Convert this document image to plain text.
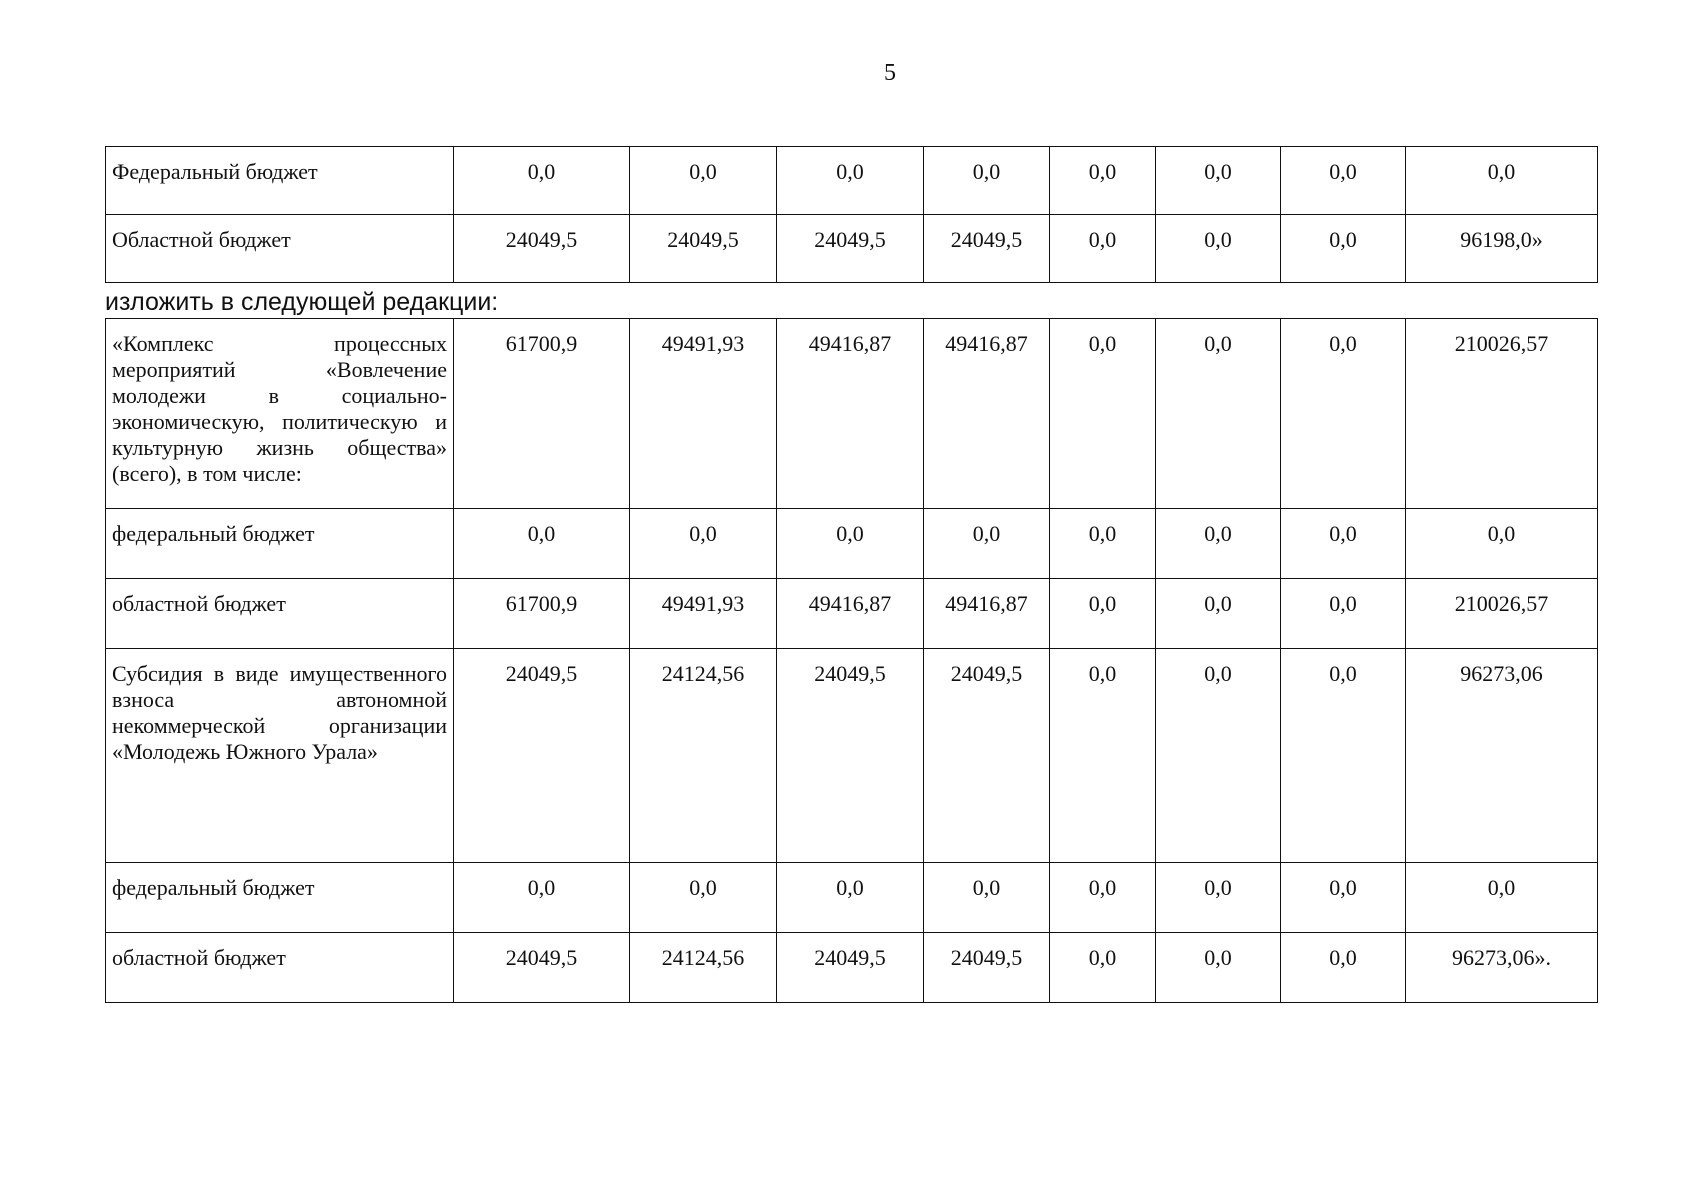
5
Федеральный бюджет	0,0	0,0	0,0	0,0	0,0	0,0	0,0	0,0
Областной бюджет	24049,5	24049,5	24049,5	24049,5	0,0	0,0	0,0	96198,0»
изложить в следующей редакции:
«Комплекс процессных мероприятий «Вовлечение молодежи в социально-экономическую, политическую и культурную жизнь общества» (всего), в том числе:	61700,9	49491,93	49416,87	49416,87	0,0	0,0	0,0	210026,57
федеральный бюджет	0,0	0,0	0,0	0,0	0,0	0,0	0,0	0,0
областной бюджет	61700,9	49491,93	49416,87	49416,87	0,0	0,0	0,0	210026,57
Субсидия в виде имущественного взноса автономной некоммерческой организации «Молодежь Южного Урала»	24049,5	24124,56	24049,5	24049,5	0,0	0,0	0,0	96273,06
федеральный бюджет	0,0	0,0	0,0	0,0	0,0	0,0	0,0	0,0
областной бюджет	24049,5	24124,56	24049,5	24049,5	0,0	0,0	0,0	96273,06».
